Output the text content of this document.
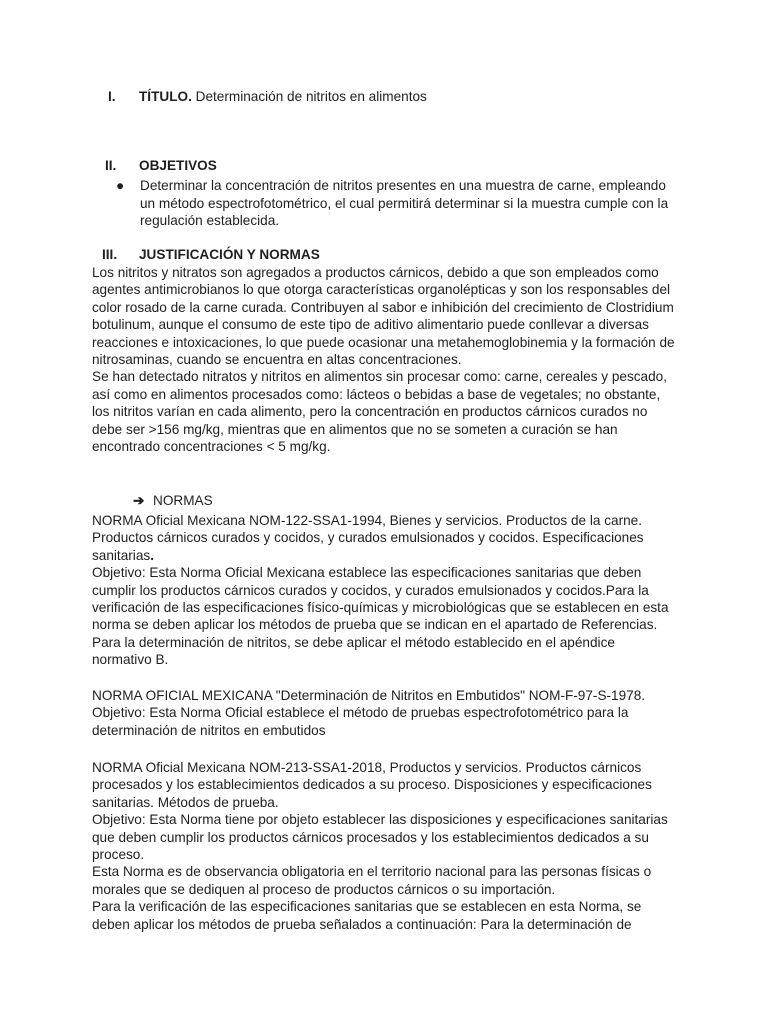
I. TÍTULO. Determinación de nitritos en alimentos
II. OBJETIVOS
● Determinar la concentración de nitritos presentes en una muestra de carne, empleando un método espectrofotométrico, el cual permitirá determinar si la muestra cumple con la regulación establecida.
III. JUSTIFICACIÓN Y NORMAS

Los nitritos y nitratos son agregados a productos cárnicos, debido a que son empleados como agentes antimicrobianos lo que otorga características organolépticas y son los responsables del color rosado de la carne curada. Contribuyen al sabor e inhibición del crecimiento de Clostridium botulinum, aunque el consumo de este tipo de aditivo alimentario puede conllevar a diversas reacciones e intoxicaciones, lo que puede ocasionar una metahemoglobinemia y la formación de nitrosaminas, cuando se encuentra en altas concentraciones.

Se han detectado nitratos y nitritos en alimentos sin procesar como: carne, cereales y pescado, así como en alimentos procesados como: lácteos o bebidas a base de vegetales; no obstante, los nitritos varían en cada alimento, pero la concentración en productos cárnicos curados no debe ser >156 mg/kg, mientras que en alimentos que no se someten a curación se han encontrado concentraciones < 5 mg/kg.

➔ NORMAS

NORMA Oficial Mexicana NOM-122-SSA1-1994, Bienes y servicios. Productos de la carne. Productos cárnicos curados y cocidos, y curados emulsionados y cocidos. Especificaciones sanitarias.

Objetivo: Esta Norma Oficial Mexicana establece las especificaciones sanitarias que deben cumplir los productos cárnicos curados y cocidos, y curados emulsionados y cocidos.Para la verificación de las especificaciones físico-químicas y microbiológicas que se establecen en esta norma se deben aplicar los métodos de prueba que se indican en el apartado de Referencias. Para la determinación de nitritos, se debe aplicar el método establecido en el apéndice normativo B.

NORMA OFICIAL MEXICANA "Determinación de Nitritos en Embutidos" NOM-F-97-S-1978.

Objetivo: Esta Norma Oficial establece el método de pruebas espectrofotométrico para la determinación de nitritos en embutidos

NORMA Oficial Mexicana NOM-213-SSA1-2018, Productos y servicios. Productos cárnicos procesados y los establecimientos dedicados a su proceso. Disposiciones y especificaciones sanitarias. Métodos de prueba.

Objetivo: Esta Norma tiene por objeto establecer las disposiciones y especificaciones sanitarias que deben cumplir los productos cárnicos procesados y los establecimientos dedicados a su proceso.

Esta Norma es de observancia obligatoria en el territorio nacional para las personas físicas o morales que se dediquen al proceso de productos cárnicos o su importación.

Para la verificación de las especificaciones sanitarias que se establecen en esta Norma, se deben aplicar los métodos de prueba señalados a continuación: Para la determinación de
